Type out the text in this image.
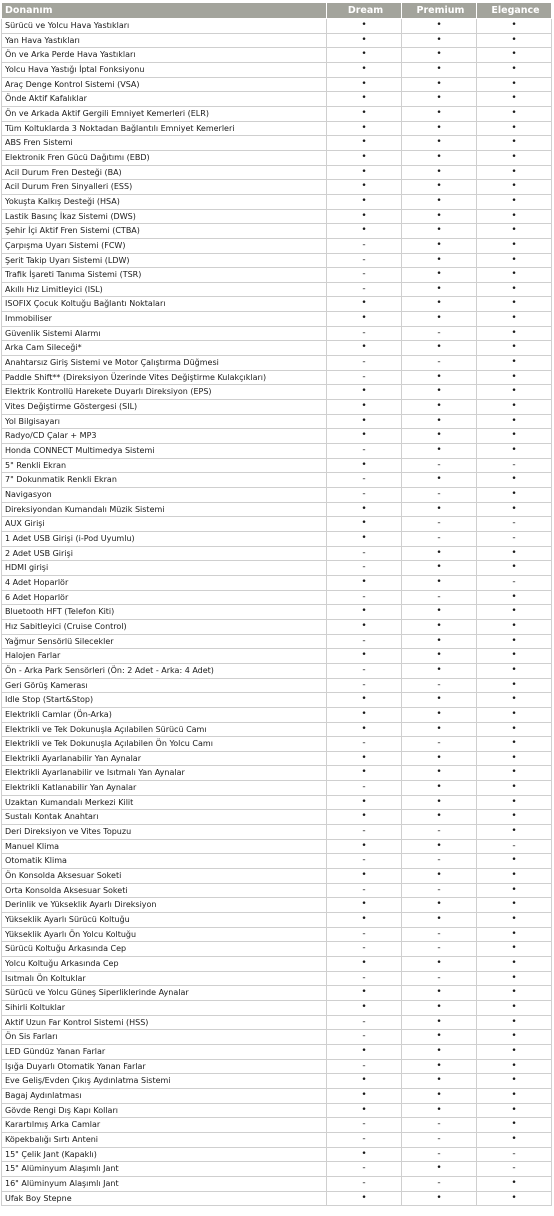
Donanım	Dream	Premium	Elegance
Sürücü ve Yolcu Hava Yastıkları	•	•	•
Yan Hava Yastıkları	•	•	•
Ön ve Arka Perde Hava Yastıkları	•	•	•
Yolcu Hava Yastığı İptal Fonksiyonu	•	•	•
Araç Denge Kontrol Sistemi (VSA)	•	•	•
Önde Aktif Kafalıklar	•	•	•
Ön ve Arkada Aktif Gergili Emniyet Kemerleri (ELR)	•	•	•
Tüm Koltuklarda 3 Noktadan Bağlantılı Emniyet Kemerleri	•	•	•
ABS Fren Sistemi	•	•	•
Elektronik Fren Gücü Dağıtımı (EBD)	•	•	•
Acil Durum Fren Desteği (BA)	•	•	•
Acil Durum Fren Sinyalleri (ESS)	•	•	•
Yokuşta Kalkış Desteği (HSA)	•	•	•
Lastik Basınç İkaz Sistemi (DWS)	•	•	•
Şehir İçi Aktif Fren Sistemi (CTBA)	•	•	•
Çarpışma Uyarı Sistemi (FCW)	-	•	•
Şerit Takip Uyarı Sistemi (LDW)	-	•	•
Trafik İşareti Tanıma Sistemi (TSR)	-	•	•
Akıllı Hız Limitleyici (ISL)	-	•	•
ISOFIX Çocuk Koltuğu Bağlantı Noktaları	•	•	•
Immobiliser	•	•	•
Güvenlik Sistemi Alarmı	-	-	•
Arka Cam Sileceği*	•	•	•
Anahtarsız Giriş Sistemi ve Motor Çalıştırma Düğmesi	-	-	•
Paddle Shift** (Direksiyon Üzerinde Vites Değiştirme Kulakçıkları)	-	•	•
Elektrik Kontrollü Harekete Duyarlı Direksiyon (EPS)	•	•	•
Vites Değiştirme Göstergesi (SIL)	•	•	•
Yol Bilgisayarı	•	•	•
Radyo/CD Çalar + MP3	•	•	•
Honda CONNECT Multimedya Sistemi	-	•	•
5" Renkli Ekran	•	-	-
7" Dokunmatik Renkli Ekran	-	•	•
Navigasyon	-	-	•
Direksiyondan Kumandalı Müzik Sistemi	•	•	•
AUX Girişi	•	-	-
1 Adet USB Girişi (i-Pod Uyumlu)	•	-	-
2 Adet USB Girişi	-	•	•
HDMI girişi	-	•	•
4 Adet Hoparlör	•	•	-
6 Adet Hoparlör	-	-	•
Bluetooth HFT (Telefon Kiti)	•	•	•
Hız Sabitleyici (Cruise Control)	•	•	•
Yağmur Sensörlü Silecekler	-	•	•
Halojen Farlar	•	•	•
Ön - Arka Park Sensörleri (Ön: 2 Adet - Arka: 4 Adet)	-	•	•
Geri Görüş Kamerası	-	-	•
Idle Stop (Start&Stop)	•	•	•
Elektrikli Camlar (Ön-Arka)	•	•	•
Elektrikli ve Tek Dokunuşla Açılabilen Sürücü Camı	•	•	•
Elektrikli ve Tek Dokunuşla Açılabilen Ön Yolcu Camı	-	-	•
Elektrikli Ayarlanabilir Yan Aynalar	•	•	•
Elektrikli Ayarlanabilir ve Isıtmalı Yan Aynalar	•	•	•
Elektrikli Katlanabilir Yan Aynalar	-	•	•
Uzaktan Kumandalı Merkezi Kilit	•	•	•
Sustalı Kontak Anahtarı	•	•	•
Deri Direksiyon ve Vites Topuzu	-	-	•
Manuel Klima	•	•	-
Otomatik Klima	-	-	•
Ön Konsolda Aksesuar Soketi	•	•	•
Orta Konsolda Aksesuar Soketi	-	-	•
Derinlik ve Yükseklik Ayarlı Direksiyon	•	•	•
Yükseklik Ayarlı Sürücü Koltuğu	•	•	•
Yükseklik Ayarlı Ön Yolcu Koltuğu	-	-	•
Sürücü Koltuğu Arkasında Cep	-	-	•
Yolcu Koltuğu Arkasında Cep	•	•	•
Isıtmalı Ön Koltuklar	-	-	•
Sürücü ve Yolcu Güneş Siperliklerinde Aynalar	•	•	•
Sihirli Koltuklar	•	•	•
Aktif Uzun Far Kontrol Sistemi (HSS)	-	•	•
Ön Sis Farları	-	•	•
LED Gündüz Yanan Farlar	•	•	•
Işığa Duyarlı Otomatik Yanan Farlar	-	•	•
Eve Geliş/Evden Çıkış Aydınlatma Sistemi	•	•	•
Bagaj Aydınlatması	•	•	•
Gövde Rengi Dış Kapı Kolları	•	•	•
Karartılmış Arka Camlar	-	-	•
Köpekbalığı Sırtı Anteni	-	-	•
15" Çelik Jant (Kapaklı)	•	-	-
15" Alüminyum Alaşımlı Jant	-	•	-
16" Alüminyum Alaşımlı Jant	-	-	•
Ufak Boy Stepne	•	•	•
